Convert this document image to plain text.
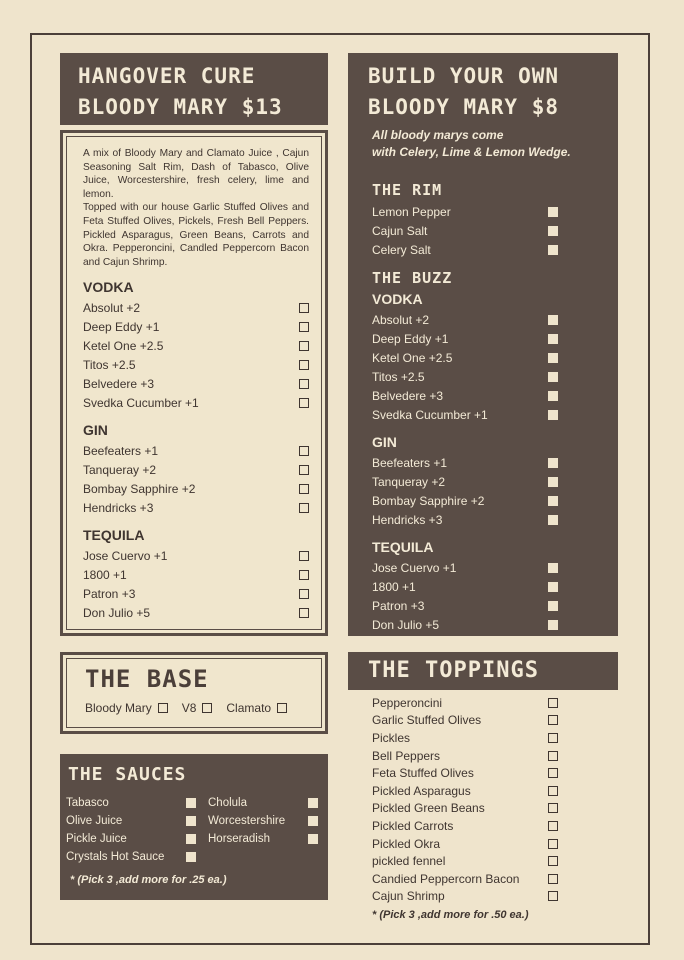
HANGOVER CURE
BLOODY MARY $13

A mix of Bloody Mary and Clamato Juice , Cajun Seasoning Salt Rim, Dash of Tabasco, Olive Juice, Worcestershire, fresh celery, lime and lemon.

Topped with our house Garlic Stuffed Olives and Feta Stuffed Olives, Pickels, Fresh Bell Peppers. Pickled Asparagus, Green Beans, Carrots and Okra. Pepperoncini, Candled Peppercorn Bacon and Cajun Shrimp.

VODKA
Absolut +2
Deep Eddy +1
Ketel One +2.5
Titos +2.5
Belvedere +3
Svedka Cucumber +1
GIN
Beefeaters +1
Tanqueray +2
Bombay Sapphire +2
Hendricks +3
TEQUILA
Jose Cuervo +1
1800 +1
Patron +3
Don Julio +5
THE BASE
Bloody Mary	V8	Clamato
THE SAUCES
Tabasco
Olive Juice
Pickle Juice
Crystals Hot Sauce
Cholula
Worcestershire
Horseradish
* (Pick 3 ,add more for .25 ea.)
BUILD YOUR OWN
BLOODY MARY $8
All bloody marys come
with Celery, Lime & Lemon Wedge.
THE RIM
Lemon Pepper
Cajun Salt
Celery Salt
THE BUZZ
VODKA
Absolut +2
Deep Eddy +1
Ketel One +2.5
Titos +2.5
Belvedere +3
Svedka Cucumber +1
GIN
Beefeaters +1
Tanqueray +2
Bombay Sapphire +2
Hendricks +3
TEQUILA
Jose Cuervo +1
1800 +1
Patron +3
Don Julio +5
THE TOPPINGS
Pepperoncini
Garlic Stuffed Olives
Pickles
Bell Peppers
Feta Stuffed Olives
Pickled Asparagus
Pickled Green Beans
Pickled Carrots
Pickled Okra
pickled fennel
Candied Peppercorn Bacon
Cajun Shrimp
* (Pick 3 ,add more for .50 ea.)
